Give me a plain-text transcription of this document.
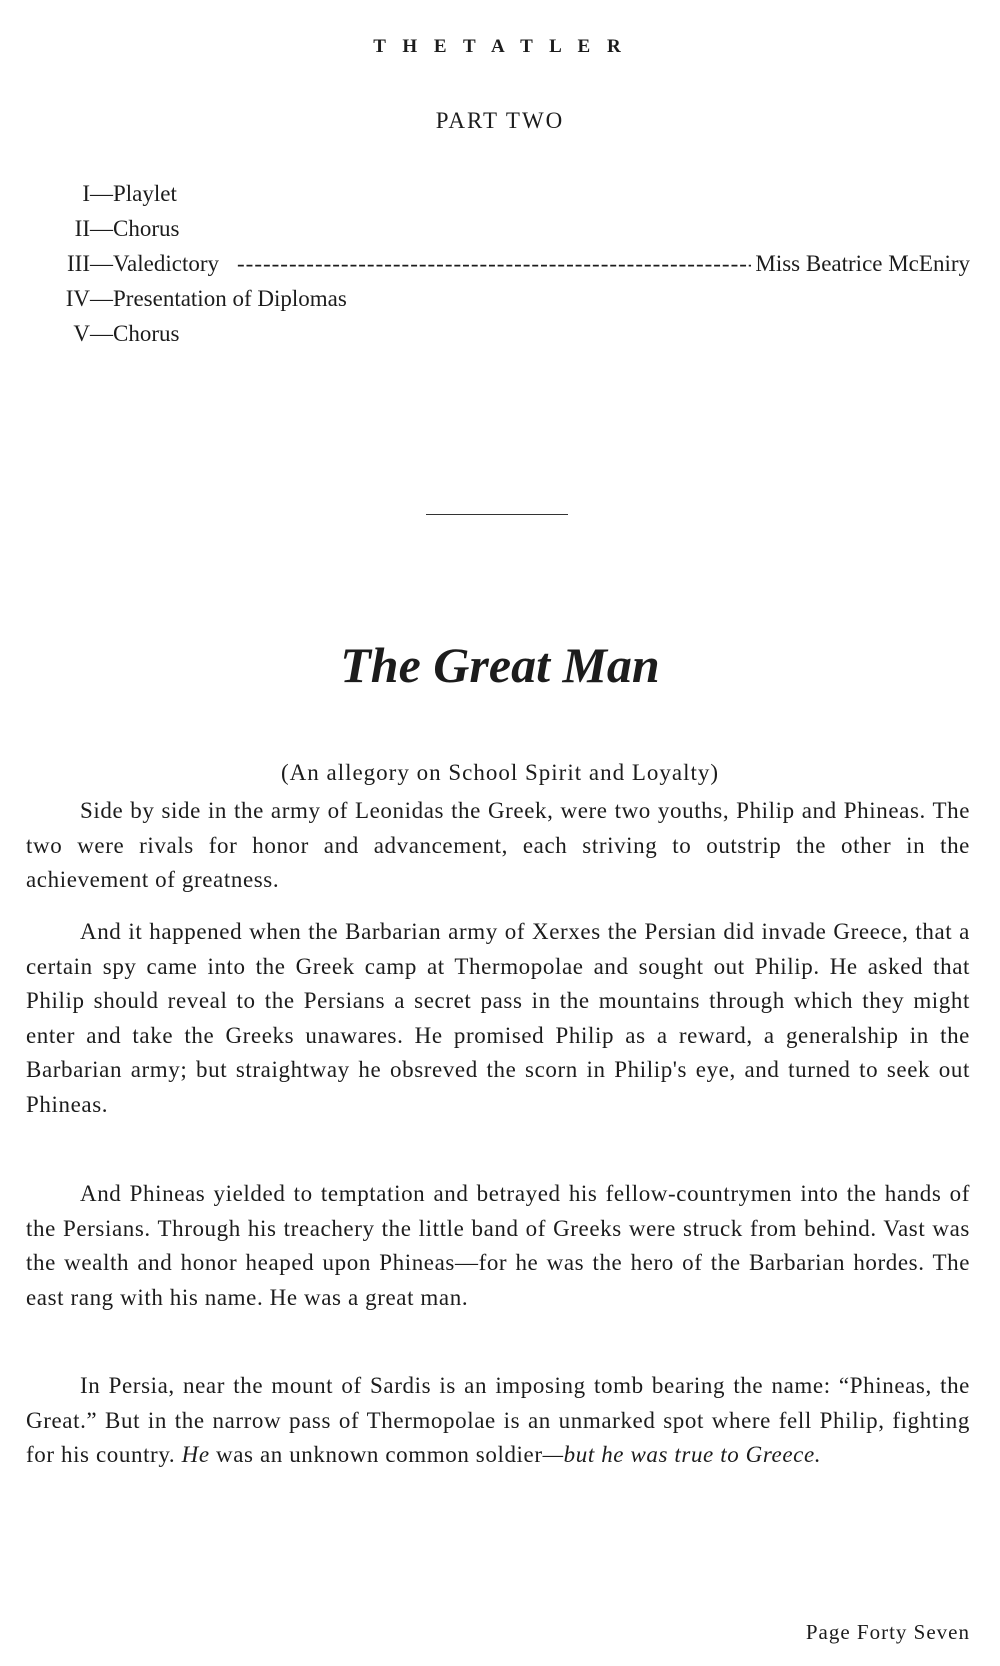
T H E T A T L E R
PART TWO
I — Playlet
II — Chorus
III — Valedictory
-----	Miss Beatrice McEniry
IV — Presentation of Diplomas
V — Chorus
The Great Man
(An allegory on School Spirit and Loyalty)

Side by side in the army of Leonidas the Greek, were two youths, Philip and Phineas. The two were rivals for honor and advancement, each striving to outstrip the other in the achievement of greatness.

And it happened when the Barbarian army of Xerxes the Persian did invade Greece, that a certain spy came into the Greek camp at Thermopolae and sought out Philip. He asked that Philip should reveal to the Persians a secret pass in the mountains through which they might enter and take the Greeks unawares. He promised Philip as a reward, a generalship in the Barbarian army; but straightway he obsreved the scorn in Philip's eye, and turned to seek out Phineas.

And Phineas yielded to temptation and betrayed his fellow-countrymen into the hands of the Persians. Through his treachery the little band of Greeks were struck from behind. Vast was the wealth and honor heaped upon Phineas—for he was the hero of the Barbarian hordes. The east rang with his name. He was a great man.

In Persia, near the mount of Sardis is an imposing tomb bearing the name: “Phineas, the Great.” But in the narrow pass of Thermopolae is an unmarked spot where fell Philip, fighting for his country. He was an unknown common soldier—but he was true to Greece.

Page Forty Seven
